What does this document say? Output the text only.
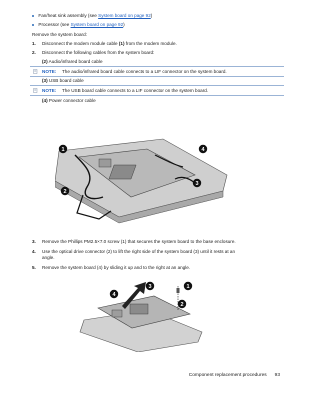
Fan/heat sink assembly (see System board on page 92)
Processor (see System board on page 92)
Remove the system board:
1. Disconnect the modem module cable (1) from the modem module.
2. Disconnect the following cables from the system board:
(2) Audio/infrared board cable
NOTE: The audio/infrared board cable connects to a LIF connector on the system board.
(3) USB board cable
NOTE: The USB board cable connects to a LIF connector on the system board.
(4) Power connector cable
1	4
3
2
3. Remove the Phillips PM2.5×7.0 screw (1) that secures the system board to the base enclosure.
4. Use the optical drive connector (2) to lift the right side of the system board (3) until it rests at an
angle.
5. Remove the system board (4) by sliding it up and to the right at an angle.
4
3	1
2
Component replacement procedures 93
